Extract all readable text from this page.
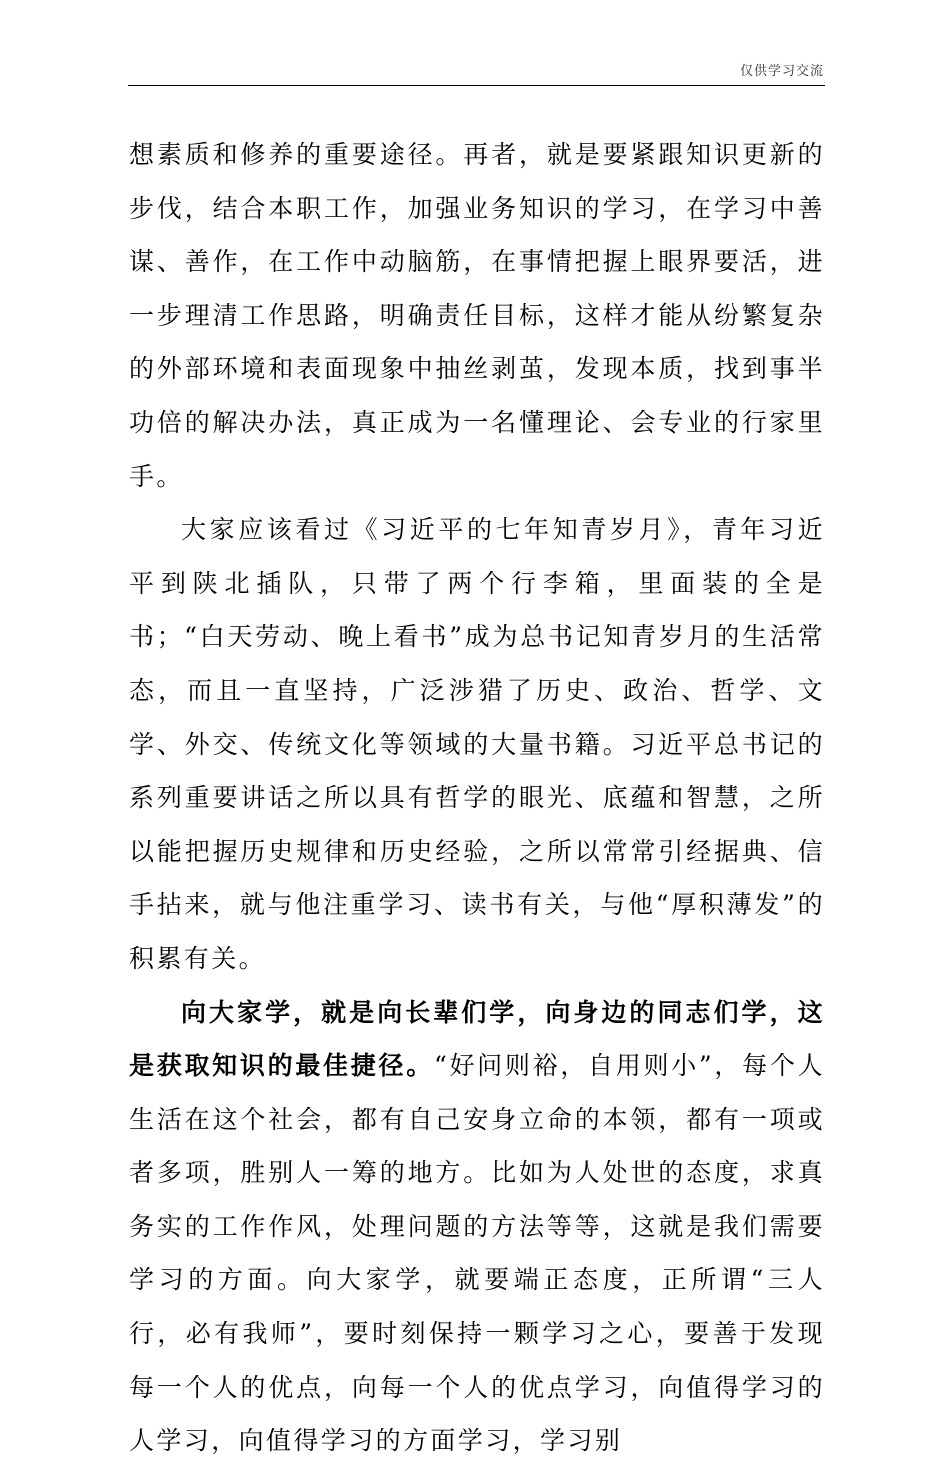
仅供学习交流

想素质和修养的重要途径。再者，就是要紧跟知识更新的步伐，结合本职工作，加强业务知识的学习，在学习中善谋、善作，在工作中动脑筋，在事情把握上眼界要活，进一步理清工作思路，明确责任目标，这样才能从纷繁复杂的外部环境和表面现象中抽丝剥茧，发现本质，找到事半功倍的解决办法，真正成为一名懂理论、会专业的行家里手。

大家应该看过《习近平的七年知青岁月》，青年习近平到陕北插队，只带了两个行李箱，里面装的全是书；“白天劳动、晚上看书”成为总书记知青岁月的生活常态，而且一直坚持，广泛涉猎了历史、政治、哲学、文学、外交、传统文化等领域的大量书籍。习近平总书记的系列重要讲话之所以具有哲学的眼光、底蕴和智慧，之所以能把握历史规律和历史经验，之所以常常引经据典、信手拈来，就与他注重学习、读书有关，与他“厚积薄发”的积累有关。

向大家学，就是向长辈们学，向身边的同志们学，这是获取知识的最佳捷径。“好问则裕，自用则小”，每个人生活在这个社会，都有自己安身立命的本领，都有一项或者多项，胜别人一筹的地方。比如为人处世的态度，求真务实的工作作风，处理问题的方法等等，这就是我们需要学习的方面。向大家学，就要端正态度，正所谓“三人行，必有我师”，要时刻保持一颗学习之心，要善于发现每一个人的优点，向每一个人的优点学习，向值得学习的人学习，向值得学习的方面学习，学习别
